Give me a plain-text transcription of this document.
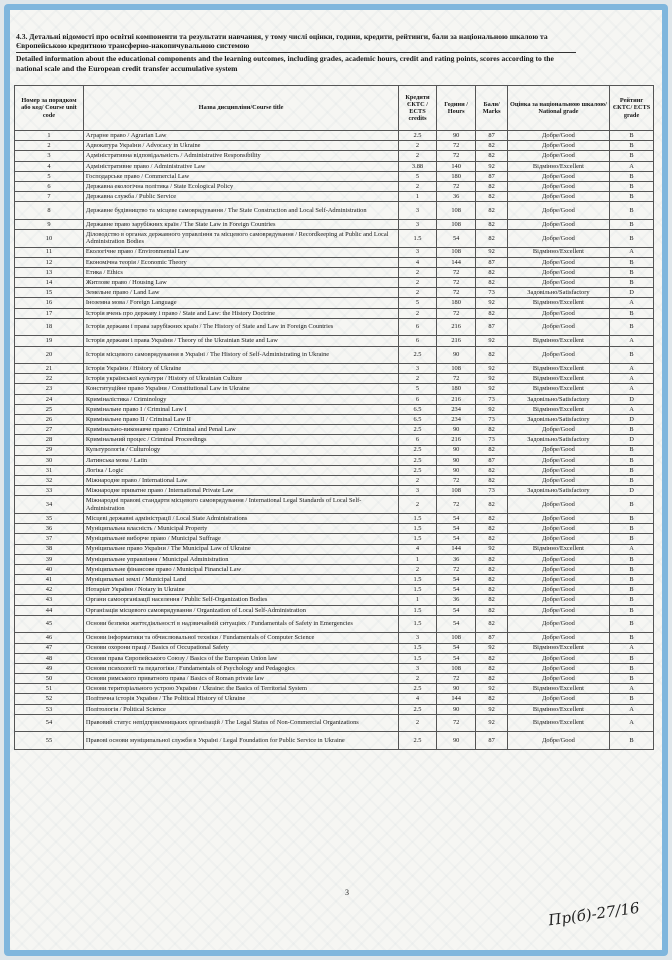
4.3. Детальні відомості про освітні компоненти та результати навчання, у тому числі оцінки, години, кредити, рейтинги, бали за національною шкалою та Європейською кредитною трансферно-накопичувальною системою
Detailed information about the educational components and the learning outcomes, including grades, academic hours, credit and rating points, scores according to the national scale and the European credit transfer accumulative system
Номер за порядком або код/ Course unit code	Назва дисципліни/Course title	Кредити ЄКТС / ECTS credits	Години / Hours	Бали/ Marks	Оцінка за національною шкалою/ National grade	Рейтинг ЄКТС/ ECTS grade
1	Аграрне право / Agrarian Law	2.5	90	87	Добре/Good	B
2	Адвокатура України / Advocacy in Ukraine	2	72	82	Добре/Good	B
3	Адміністративна відповідальність / Administrative Responsibility	2	72	82	Добре/Good	B
4	Адміністративне право / Administrative Law	3.88	140	92	Відмінно/Excellent	A
5	Господарське право / Commercial Law	5	180	87	Добре/Good	B
6	Державна екологічна політика / State Ecological Policy	2	72	82	Добре/Good	B
7	Державна служба / Public Service	1	36	82	Добре/Good	B
8	Державне будівництво та місцеве самоврядування / The State Construction and Local Self-Administration	3	108	82	Добре/Good	B
9	Державне право зарубіжних країн / The State Law in Foreign Countries	3	108	82	Добре/Good	B
10	Діловодство в органах державного управління та місцевого самоврядування / Recordkeeping at Public and Local Administration Bodies	1.5	54	82	Добре/Good	B
11	Екологічне право / Environmental Law	3	108	92	Відмінно/Excellent	A
12	Економічна теорія / Economic Theory	4	144	87	Добре/Good	B
13	Етика / Ethics	2	72	82	Добре/Good	B
14	Житлове право / Housing Law	2	72	82	Добре/Good	B
15	Земельне право / Land Law	2	72	73	Задовільно/Satisfactory	D
16	Іноземна мова / Foreign Language	5	180	92	Відмінно/Excellent	A
17	Історія вчень про державу і право / State and Law: the History Doctrine	2	72	82	Добре/Good	B
18	Історія держави і права зарубіжних країн / The History of State and Law in Foreign Countries	6	216	87	Добре/Good	B
19	Історія держави і права України / Theory of the Ukrainian State and Law	6	216	92	Відмінно/Excellent	A
20	Історія місцевого самоврядування в Україні / The History of Self-Administrating in Ukraine	2.5	90	82	Добре/Good	B
21	Історія України / History of Ukraine	3	108	92	Відмінно/Excellent	A
22	Історія української культури / History of Ukrainian Culture	2	72	92	Відмінно/Excellent	A
23	Конституційне право України / Constitutional Law in Ukraine	5	180	92	Відмінно/Excellent	A
24	Криміналістика / Criminology	6	216	73	Задовільно/Satisfactory	D
25	Кримінальне право I / Criminal Law I	6.5	234	92	Відмінно/Excellent	A
26	Кримінальне право II / Criminal Law II	6.5	234	73	Задовільно/Satisfactory	D
27	Кримінально-виконавче право / Criminal and Penal Law	2.5	90	82	Добре/Good	B
28	Кримінальний процес / Criminal Proceedings	6	216	73	Задовільно/Satisfactory	D
29	Культурологія / Culturology	2.5	90	82	Добре/Good	B
30	Латинська мова / Latin	2.5	90	87	Добре/Good	B
31	Логіка / Logic	2.5	90	82	Добре/Good	B
32	Міжнародне право / International Law	2	72	82	Добре/Good	B
33	Міжнародне приватне право / International Private Law	3	108	73	Задовільно/Satisfactory	D
34	Міжнародні правові стандарти місцевого самоврядування / International Legal Standards of Local Self-Administration	2	72	82	Добре/Good	B
35	Місцеві державні адміністрації / Local State Administrations	1.5	54	82	Добре/Good	B
36	Муніципальна власність / Municipal Property	1.5	54	82	Добре/Good	B
37	Муніципальне виборче право / Municipal Suffrage	1.5	54	82	Добре/Good	B
38	Муніципальне право України / The Municipal Law of Ukraine	4	144	92	Відмінно/Excellent	A
39	Муніципальне управління / Municipal Administration	1	36	82	Добре/Good	B
40	Муніципальне фінансове право / Municipal Financial Law	2	72	82	Добре/Good	B
41	Муніципальні землі / Municipal Land	1.5	54	82	Добре/Good	B
42	Нотаріат України / Notary in Ukraine	1.5	54	82	Добре/Good	B
43	Органи самоорганізації населення / Public Self-Organization Bodies	1	36	82	Добре/Good	B
44	Організація місцевого самоврядування / Organization of Local Self-Administration	1.5	54	82	Добре/Good	B
45	Основи безпеки життєдіяльності в надзвичайній ситуаціях / Fundamentals of Safety in Emergencies	1.5	54	82	Добре/Good	B
46	Основи інформатики та обчислювальної техніки / Fundamentals of Computer Science	3	108	87	Добре/Good	B
47	Основи охорони праці / Basics of Occupational Safety	1.5	54	92	Відмінно/Excellent	A
48	Основи права Європейського Союзу / Basics of the European Union law	1.5	54	82	Добре/Good	B
49	Основи психології та педагогіки / Fundamentals of Psychology and Pedagogics	3	108	82	Добре/Good	B
50	Основи римського приватного права / Basics of Roman private law	2	72	82	Добре/Good	B
51	Основи територіального устрою України / Ukraine: the Basics of Territorial System	2.5	90	92	Відмінно/Excellent	A
52	Політична історія України / The Political History of Ukraine	4	144	82	Добре/Good	B
53	Політологія / Political Science	2.5	90	92	Відмінно/Excellent	A
54	Правовий статус непідприємницьких організацій / The Legal Status of Non-Commercial Organizations	2	72	92	Відмінно/Excellent	A
55	Правові основи муніципальної служби в Україні / Legal Foundation for Public Service in Ukraine	2.5	90	87	Добре/Good	B
3
Пр(б)-27/16
